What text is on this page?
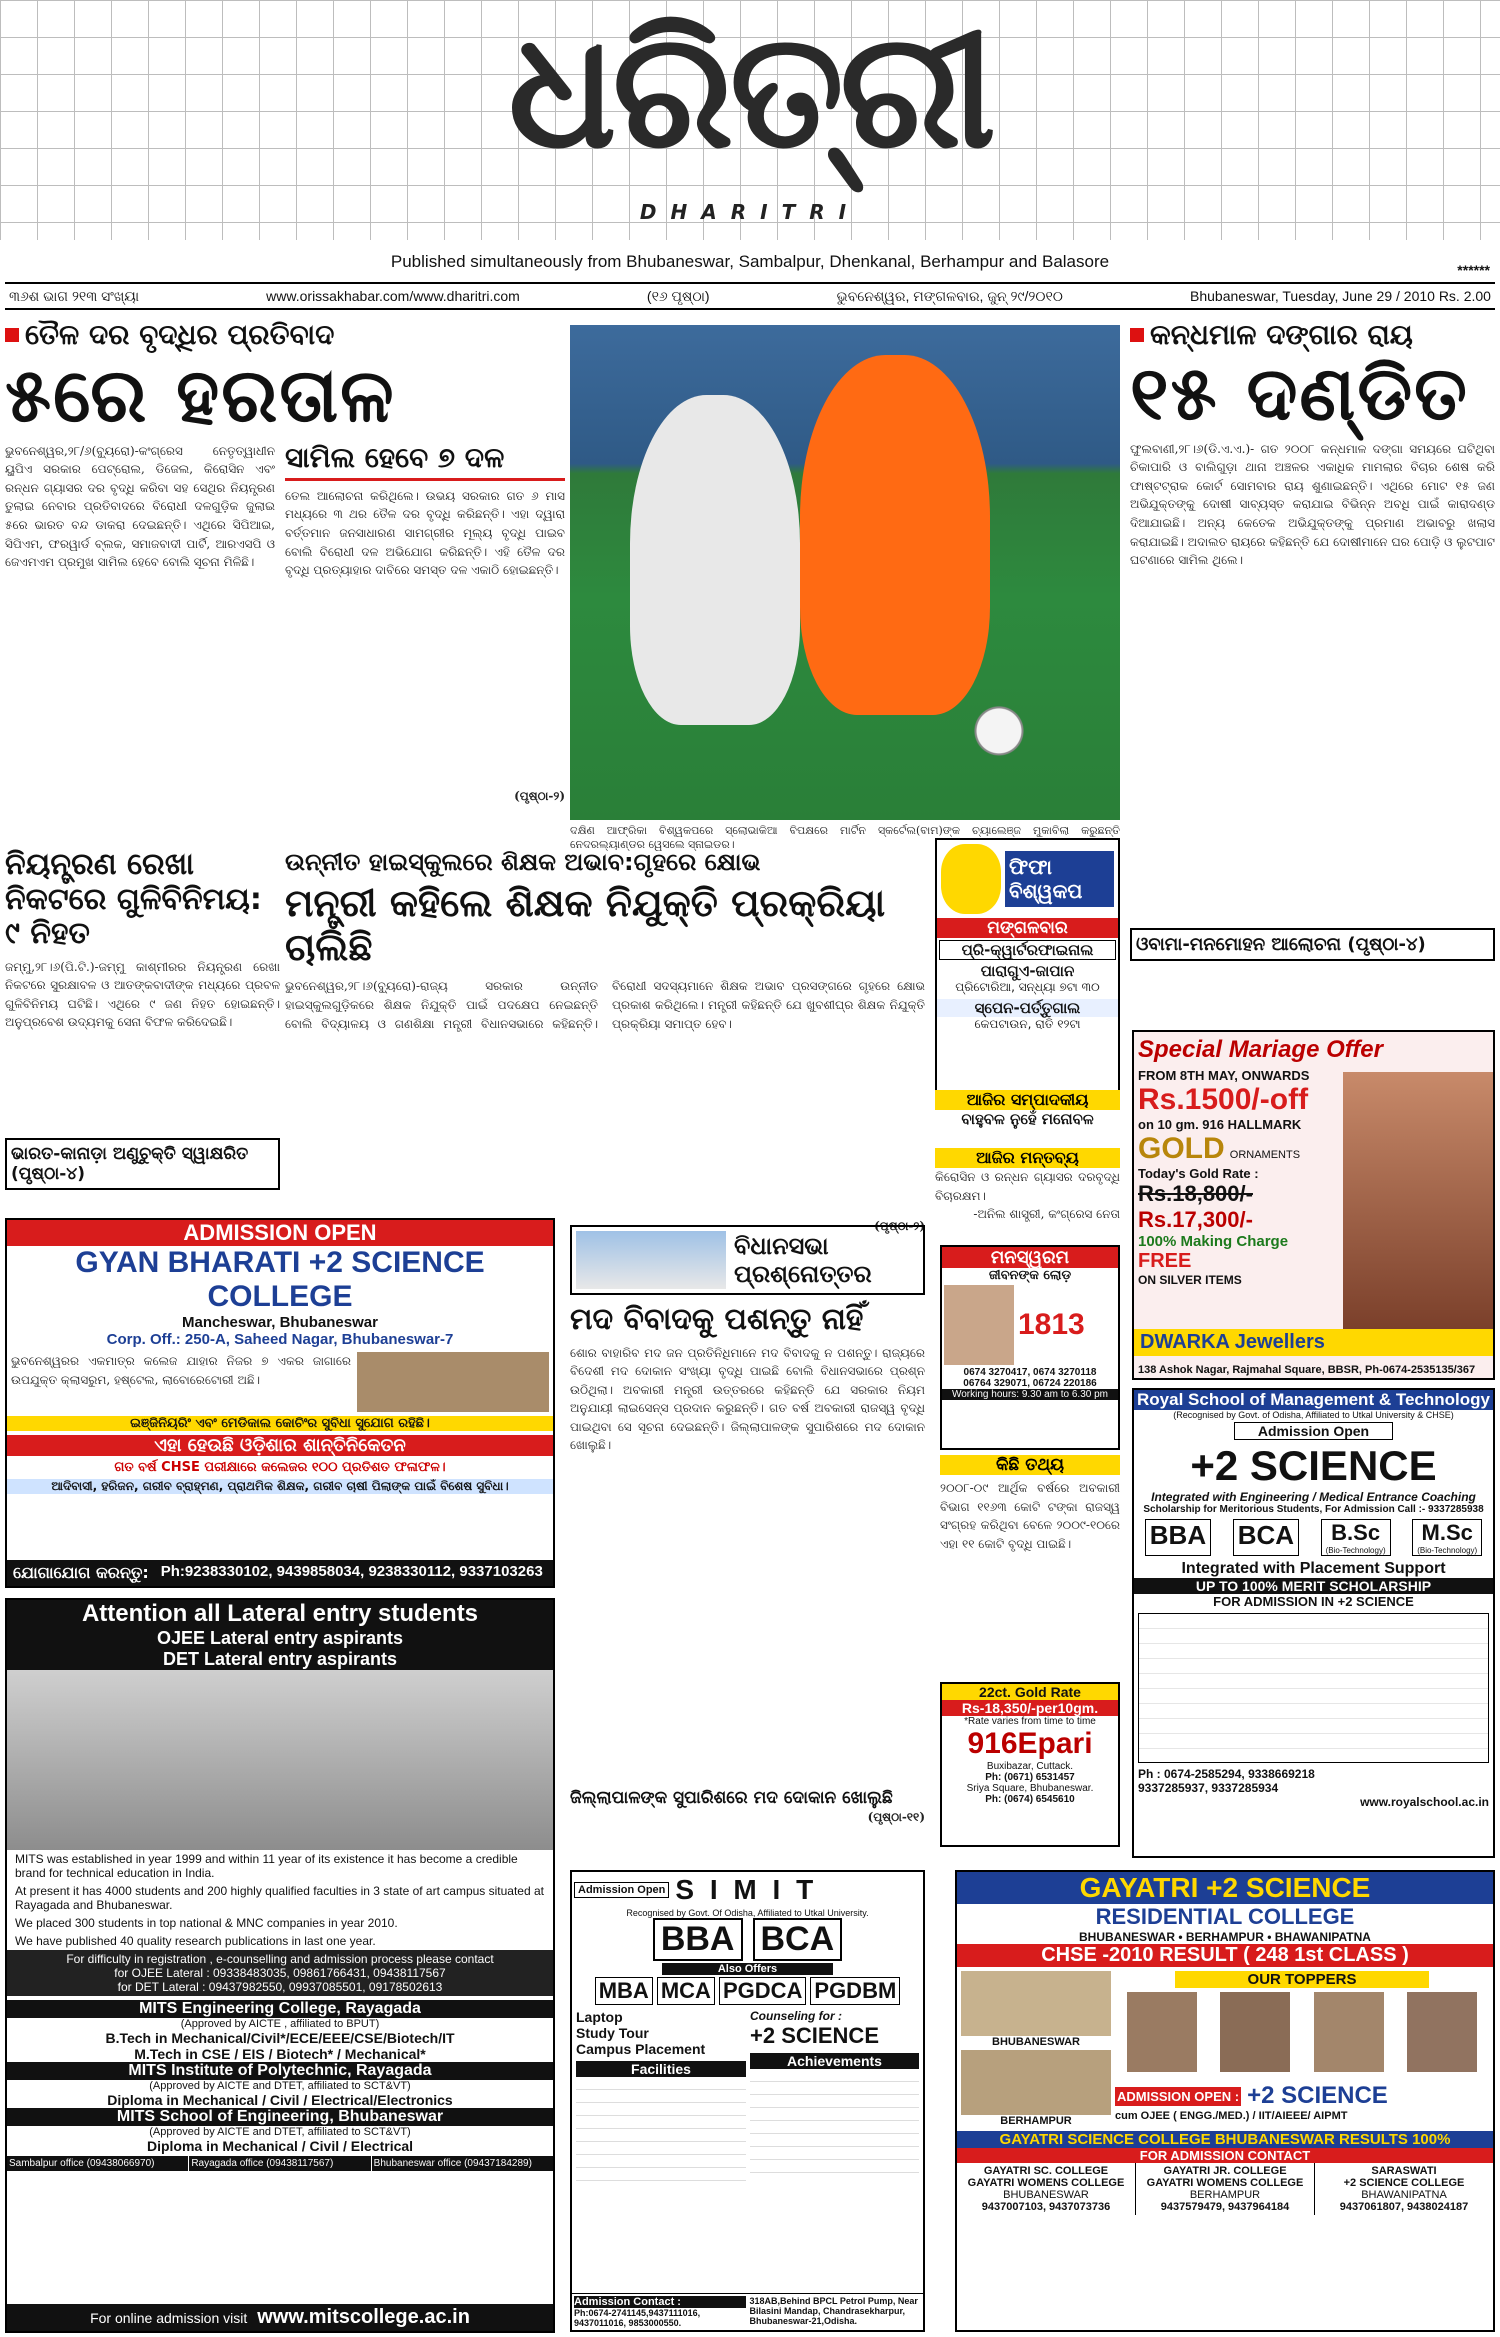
ଧରିତ୍ରୀ
DHARITRI
Published simultaneously from Bhubaneswar, Sambalpur, Dhenkanal, Berhampur and Balasore	******
୩୬ଶ ଭାଗ ୨୧୩ ସଂଖ୍ୟା	www.orissakhabar.com/www.dharitri.com	(୧୬ ପୃଷ୍ଠା)	ଭୁବନେଶ୍ୱର, ମଙ୍ଗଳବାର, ଜୁନ୍ ୨୯/୨୦୧୦	Bhubaneswar, Tuesday, June 29 / 2010 Rs. 2.00
ତୈଳ ଦର ବୃଦ୍ଧିର ପ୍ରତିବାଦ
୫ରେ ହରତାଳ
ଭୁବନେଶ୍ୱର,୨୮/୬(ବ୍ୟୁରୋ)-କଂଗ୍ରେସ ନେତୃତ୍ୱାଧୀନ ୟୁପିଏ ସରକାର ପେଟ୍ରୋଲ, ଡିଜେଲ, କିରୋସିନ ଏବଂ ରନ୍ଧନ ଗ୍ୟାସର ଦର ବୃଦ୍ଧି କରିବା ସହ ସେଥିର ନିୟନ୍ତ୍ରଣ ତୁଲାଇ ନେବାର ପ୍ରତିବାଦରେ ବିରୋଧୀ ଦଳଗୁଡ଼ିକ ଜୁଲାଇ ୫ରେ ଭାରତ ବନ୍ଦ ଡାକରା ଦେଇଛନ୍ତି। ଏଥିରେ ସିପିଆଇ, ସିପିଏମ, ଫରୱାର୍ଡ ବ୍ଲକ, ସମାଜବାଦୀ ପାର୍ଟି, ଆରଏସପି ଓ ଜେଏମଏମ ପ୍ରମୁଖ ସାମିଲ ହେବେ ବୋଲି ସୂଚନା ମିଳିଛି।
ସାମିଲ ହେବେ ୭ ଦଳ
ତେଲ ଆଲୋଚନା କରିଥିଲେ। ଉଭୟ ସରକାର ଗତ ୬ ମାସ ମଧ୍ୟରେ ୩ ଥର ତୈଳ ଦର ବୃଦ୍ଧି କରିଛନ୍ତି। ଏହା ଦ୍ୱାରା ବର୍ତ୍ତମାନ ଜନସାଧାରଣ ସାମଗ୍ରୀର ମୂଲ୍ୟ ବୃଦ୍ଧି ପାଇବ ବୋଲି ବିରୋଧୀ ଦଳ ଅଭିଯୋଗ କରିଛନ୍ତି। ଏହି ତୈଳ ଦର ବୃଦ୍ଧି ପ୍ରତ୍ୟାହାର ଦାବିରେ ସମସ୍ତ ଦଳ ଏକାଠି ହୋଇଛନ୍ତି।
(ପୃଷ୍ଠା-୨)
ଦକ୍ଷିଣ ଆଫ୍ରିକା ବିଶ୍ୱକପରେ ସ୍ଲୋଭାକିଆ ବିପକ୍ଷରେ ମାର୍ଟିନ ସ୍କର୍ଟେଲ(ବାମ)ଙ୍କ ଚ୍ୟାଲେଞ୍ଜ ମୁକାବିଲା କରୁଛନ୍ତି ନେଦରଲ୍ୟାଣ୍ଡର ୱେସଲେ ସ୍ନାଇଡର।
କନ୍ଧମାଳ ଦଙ୍ଗାର ରାୟ
୧୫ ଦଣ୍ଡିତ
ଫୁଲବାଣୀ,୨୮।୬(ଡି.ଏ.ଏ.)- ଗତ ୨୦୦୮ କନ୍ଧମାଳ ଦଙ୍ଗା ସମୟରେ ଘଟିଥିବା ଚିକାପାରି ଓ ବାଲିଗୁଡ଼ା ଥାନା ଅଞ୍ଚଳର ଏକାଧିକ ମାମଲାର ବିଚାର ଶେଷ କରି ଫାଷ୍ଟଟ୍ରାକ କୋର୍ଟ ସୋମବାର ରାୟ ଶୁଣାଇଛନ୍ତି। ଏଥିରେ ମୋଟ ୧୫ ଜଣ ଅଭିଯୁକ୍ତଙ୍କୁ ଦୋଷୀ ସାବ୍ୟସ୍ତ କରାଯାଇ ବିଭିନ୍ନ ଅବଧି ପାଇଁ କାରାଦଣ୍ଡ ଦିଆଯାଇଛି। ଅନ୍ୟ କେତେକ ଅଭିଯୁକ୍ତଙ୍କୁ ପ୍ରମାଣ ଅଭାବରୁ ଖଲାସ କରାଯାଇଛି। ଅଦାଲତ ରାୟରେ କହିଛନ୍ତି ଯେ ଦୋଷୀମାନେ ଘର ପୋଡ଼ି ଓ ଲୁଟପାଟ ଘଟଣାରେ ସାମିଲ ଥିଲେ।
ଓବାମା-ମନମୋହନ ଆଲୋଚନା (ପୃଷ୍ଠା-୪)
ନିୟନ୍ତ୍ରଣ ରେଖା ନିକଟରେ ଗୁଳିବିନିମୟ: ୯ ନିହତ
ଜମ୍ମୁ,୨୮।୬(ପି.ଟି.)-ଜମ୍ମୁ କାଶ୍ମୀରର ନିୟନ୍ତ୍ରଣ ରେଖା ନିକଟରେ ସୁରକ୍ଷାବଳ ଓ ଆତଙ୍କବାଦୀଙ୍କ ମଧ୍ୟରେ ପ୍ରବଳ ଗୁଳିବିନିମୟ ଘଟିଛି। ଏଥିରେ ୯ ଜଣ ନିହତ ହୋଇଛନ୍ତି। ଅନୁପ୍ରବେଶ ଉଦ୍ୟମକୁ ସେନା ବିଫଳ କରିଦେଇଛି।
ଭାରତ-କାନାଡ଼ା ଅଣୁଚୁକ୍ତି ସ୍ୱାକ୍ଷରିତ (ପୃଷ୍ଠା-୪)
ଉନ୍ନୀତ ହାଇସ୍କୁଲରେ ଶିକ୍ଷକ ଅଭାବ:ଗୃହରେ କ୍ଷୋଭ
ମନ୍ତ୍ରୀ କହିଲେ ଶିକ୍ଷକ ନିଯୁକ୍ତି ପ୍ରକ୍ରିୟା ଚାଲିଛି
ଭୁବନେଶ୍ୱର,୨୮।୬(ବ୍ୟୁରୋ)-ରାଜ୍ୟ ସରକାର ଉନ୍ନୀତ ହାଇସ୍କୁଲଗୁଡ଼ିକରେ ଶିକ୍ଷକ ନିଯୁକ୍ତି ପାଇଁ ପଦକ୍ଷେପ ନେଇଛନ୍ତି ବୋଲି ବିଦ୍ୟାଳୟ ଓ ଗଣଶିକ୍ଷା ମନ୍ତ୍ରୀ ବିଧାନସଭାରେ କହିଛନ୍ତି। ବିରୋଧୀ ସଦସ୍ୟମାନେ ଶିକ୍ଷକ ଅଭାବ ପ୍ରସଙ୍ଗରେ ଗୃହରେ କ୍ଷୋଭ ପ୍ରକାଶ କରିଥିଲେ। ମନ୍ତ୍ରୀ କହିଛନ୍ତି ଯେ ଖୁବଶୀଘ୍ର ଶିକ୍ଷକ ନିଯୁକ୍ତି ପ୍ରକ୍ରିୟା ସମାପ୍ତ ହେବ।
(ପୃଷ୍ଠା-୨)
ଫିଫା
ବିଶ୍ୱକପ
ମଙ୍ଗଳବାର
ପ୍ରି-କ୍ୱାର୍ଟରଫାଇନାଲ
ପାରାଗୁଏ-ଜାପାନ
ପ୍ରିଟୋରିଆ, ସନ୍ଧ୍ୟା ୭ଟା ୩୦
ସ୍ପେନ-ପର୍ତ୍ତୁଗାଲ
କେପଟାଉନ, ରାତି ୧୨ଟା
ଆଜିର ସମ୍ପାଦକୀୟ
ବାହୁବଳ ନୁହେଁ ମନୋବଳ
ଆଜିର ମନ୍ତବ୍ୟ
କିରୋସିନ ଓ ରନ୍ଧନ ଗ୍ୟାସର ଦରବୃଦ୍ଧି ବିଚାରକ୍ଷମ।
-ଅନିଲ ଶାସ୍ତ୍ରୀ, କଂଗ୍ରେସ ନେତା
ADMISSION OPEN
GYAN BHARATI +2 SCIENCE COLLEGE
Mancheswar, Bhubaneswar
Corp. Off.: 250-A, Saheed Nagar, Bhubaneswar-7
ଭୁବନେଶ୍ୱରର ଏକମାତ୍ର କଲେଜ ଯାହାର ନିଜର ୭ ଏକର ଜାଗାରେ ଉପଯୁକ୍ତ କ୍ଲାସରୁମ, ହଷ୍ଟେଲ, ଲାବୋରେଟୋରୀ ଅଛି।
ଇଞ୍ଜିନିୟରିଂ ଏବଂ ମେଡିକାଲ କୋଚିଂର ସୁବିଧା ସୁଯୋଗ ରହିଛି।
ଏହା ହେଉଛି ଓଡ଼ିଶାର ଶାନ୍ତିନିକେତନ
ଗତ ବର୍ଷ CHSE ପରୀକ୍ଷାରେ କଲେଜର ୧୦୦ ପ୍ରତିଶତ ଫଳାଫଳ।
ଆଦିବାସୀ, ହରିଜନ, ଗରୀବ ବ୍ରାହ୍ମଣ, ପ୍ରାଥମିକ ଶିକ୍ଷକ, ଗରୀବ ଚାଷୀ ପିଲାଙ୍କ ପାଇଁ ବିଶେଷ ସୁବିଧା।
ଯୋଗାଯୋଗ କରନ୍ତୁ: Ph:9238330102, 9439858034, 9238330112, 9337103263
ବିଧାନସଭା
ପ୍ରଶ୍ନୋତ୍ତର
ମଦ ବିବାଦକୁ ପଶନ୍ତୁ ନାହିଁ
ଶୋର ବାହାରିବ ମଦ ଜନ ପ୍ରତିନିଧିମାନେ ମଦ ବିବାଦକୁ ନ ପଶନ୍ତୁ। ରାଜ୍ୟରେ ବିଦେଶୀ ମଦ ଦୋକାନ ସଂଖ୍ୟା ବୃଦ୍ଧି ପାଇଛି ବୋଲି ବିଧାନସଭାରେ ପ୍ରଶ୍ନ ଉଠିଥିଲା। ଅବକାରୀ ମନ୍ତ୍ରୀ ଉତ୍ତରରେ କହିଛନ୍ତି ଯେ ସରକାର ନିୟମ ଅନୁଯାୟୀ ଲାଇସେନ୍ସ ପ୍ରଦାନ କରୁଛନ୍ତି। ଗତ ବର୍ଷ ଅବକାରୀ ରାଜସ୍ୱ ବୃଦ୍ଧି ପାଇଥିବା ସେ ସୂଚନା ଦେଇଛନ୍ତି। ଜିଲ୍ଲାପାଳଙ୍କ ସୁପାରିଶରେ ମଦ ଦୋକାନ ଖୋଲୁଛି।
ଜିଲ୍ଲାପାଳଙ୍କ ସୁପାରିଶରେ ମଦ ଦୋକାନ ଖୋଲୁଛି
(ପୃଷ୍ଠା-୧୧)
ମନସ୍ୱରମ
ଜୀବନଙ୍କ ଲୋଡ଼
1813
0674 3270417, 0674 3270118
06764 329071, 06724 220186
Working hours: 9.30 am to 6.30 pm
କିଛି ତଥ୍ୟ
୨୦୦୮-୦୯ ଆର୍ଥିକ ବର୍ଷରେ ଅବକାରୀ ବିଭାଗ ୧୧୬୩ କୋଟି ଟଙ୍କା ରାଜସ୍ୱ ସଂଗ୍ରହ କରିଥିବା ବେଳେ ୨୦୦୯-୧୦ରେ ଏହା ୧୧ କୋଟି ବୃଦ୍ଧି ପାଇଛି।
22ct. Gold Rate
Rs-18,350/-per10gm.
*Rate varies from time to time
916Epari
Buxibazar, Cuttack.
Ph: (0671) 6531457
Sriya Square, Bhubaneswar.
Ph: (0674) 6545610
Special Mariage Offer
FROM 8TH MAY, ONWARDS
Rs.1500/-off
on 10 gm. 916 HALLMARK
GOLD ORNAMENTS
Today's Gold Rate :
Rs.18,800/-
Rs.17,300/-
100% Making Charge
FREE
ON SILVER ITEMS
DWARKA Jewellers
138 Ashok Nagar, Rajmahal Square, BBSR, Ph-0674-2535135/367
Royal School of Management & Technology
(Recognised by Govt. of Odisha, Affiliated to Utkal University & CHSE)
Admission Open
+2 SCIENCE
Integrated with Engineering / Medical Entrance Coaching
Scholarship for Meritorious Students, For Admission Call :- 9337285938
BBA BCA B.Sc
(Bio-Technology)
M.Sc
(Bio-Technology)
Integrated with Placement Support
UP TO 100% MERIT SCHOLARSHIP
FOR ADMISSION IN +2 SCIENCE
Ph : 0674-2585294, 9338669218
9337285937, 9337285934
www.royalschool.ac.in
Attention all Lateral entry students
OJEE Lateral entry aspirants
DET Lateral entry aspirants
MITS was established in year 1999 and within 11 year of its existence it has become a credible brand for technical education in India.
At present it has 4000 students and 200 highly qualified faculties in 3 state of art campus situated at Rayagada and Bhubaneswar.
We placed 300 students in top national & MNC companies in year 2010.
We have published 40 quality research publications in last one year.
For difficulty in registration , e-counselling and admission process please contact
for OJEE Lateral : 09338483035, 09861766431, 09438117567
for DET Lateral : 09437982550, 09937085501, 09178502613
MITS Engineering College, Rayagada
(Approved by AICTE , affiliated to BPUT)
B.Tech in Mechanical/Civil*/ECE/EEE/CSE/Biotech/IT
M.Tech in CSE / EIS / Biotech* / Mechanical*
MITS Institute of Polytechnic, Rayagada
(Approved by AICTE and DTET, affiliated to SCT&VT)
Diploma in Mechanical / Civil / Electrical/Electronics
MITS School of Engineering, Bhubaneswar
(Approved by AICTE and DTET, affiliated to SCT&VT)
Diploma in Mechanical / Civil / Electrical
Sambalpur office (09438066970)	Rayagada office (09438117567)	Bhubaneswar office (09437184289)
For online admission visit www.mitscollege.ac.in
Admission Open S I M I T
Recognised by Govt. Of Odisha, Affiliated to Utkal University.
BBA BCA
Also Offers
MBA MCA PGDCA PGDBM
Laptop
Study Tour
Campus Placement
Facilities
Counseling for :
+2 SCIENCE
Achievements
Admission Contact :
Ph:0674-2741145,9437111016, 9437011016, 9853000550.
318AB,Behind BPCL Petrol Pump, Near Bilasini Mandap, Chandrasekharpur, Bhubaneswar-21,Odisha.
GAYATRI +2 SCIENCE
RESIDENTIAL COLLEGE
BHUBANESWAR • BERHAMPUR • BHAWANIPATNA
CHSE -2010 RESULT ( 248 1st CLASS )
BHUBANESWAR
BERHAMPUR
OUR TOPPERS
ADMISSION OPEN : +2 SCIENCE
cum OJEE ( ENGG./MED.) / IIT/AIEEE/ AIPMT
GAYATRI SCIENCE COLLEGE BHUBANESWAR RESULTS 100%
FOR ADMISSION CONTACT
GAYATRI SC. COLLEGE
GAYATRI WOMENS COLLEGE
BHUBANESWAR
9437007103, 9437073736
GAYATRI JR. COLLEGE
GAYATRI WOMENS COLLEGE
BERHAMPUR
9437579479, 9437964184
SARASWATI
+2 SCIENCE COLLEGE
BHAWANIPATNA
9437061807, 9438024187
